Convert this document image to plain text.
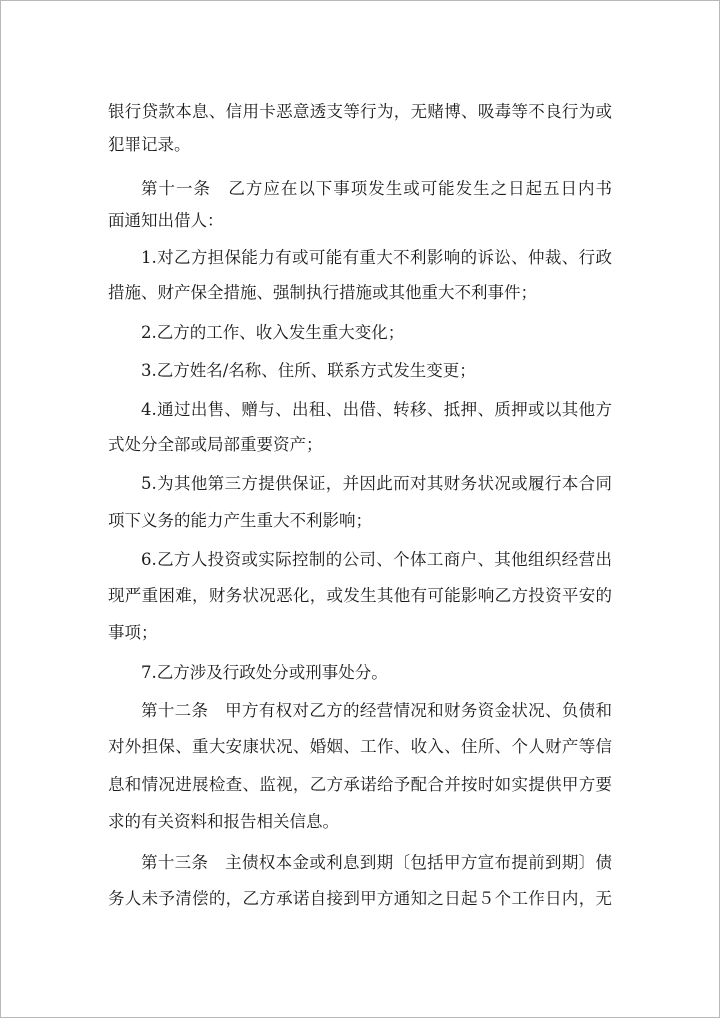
银行贷款本息、信用卡恶意透支等行为，无赌博、吸毒等不良行为或
犯罪记录。
第十一条　乙方应在以下事项发生或可能发生之日起五日内书
面通知出借人：
1.对乙方担保能力有或可能有重大不利影响的诉讼、仲裁、行政
措施、财产保全措施、强制执行措施或其他重大不利事件；
2.乙方的工作、收入发生重大变化；
3.乙方姓名/名称、住所、联系方式发生变更；
4.通过出售、赠与、出租、出借、转移、抵押、质押或以其他方
式处分全部或局部重要资产；
5.为其他第三方提供保证，并因此而对其财务状况或履行本合同
项下义务的能力产生重大不利影响；
6.乙方人投资或实际控制的公司、个体工商户、其他组织经营出
现严重困难，财务状况恶化，或发生其他有可能影响乙方投资平安的
事项；
7.乙方涉及行政处分或刑事处分。
第十二条　甲方有权对乙方的经营情况和财务资金状况、负债和
对外担保、重大安康状况、婚姻、工作、收入、住所、个人财产等信
息和情况进展检查、监视，乙方承诺给予配合并按时如实提供甲方要
求的有关资料和报告相关信息。
第十三条　主债权本金或利息到期〔包括甲方宣布提前到期〕债
务人未予清偿的，乙方承诺自接到甲方通知之日起５个工作日内，无
